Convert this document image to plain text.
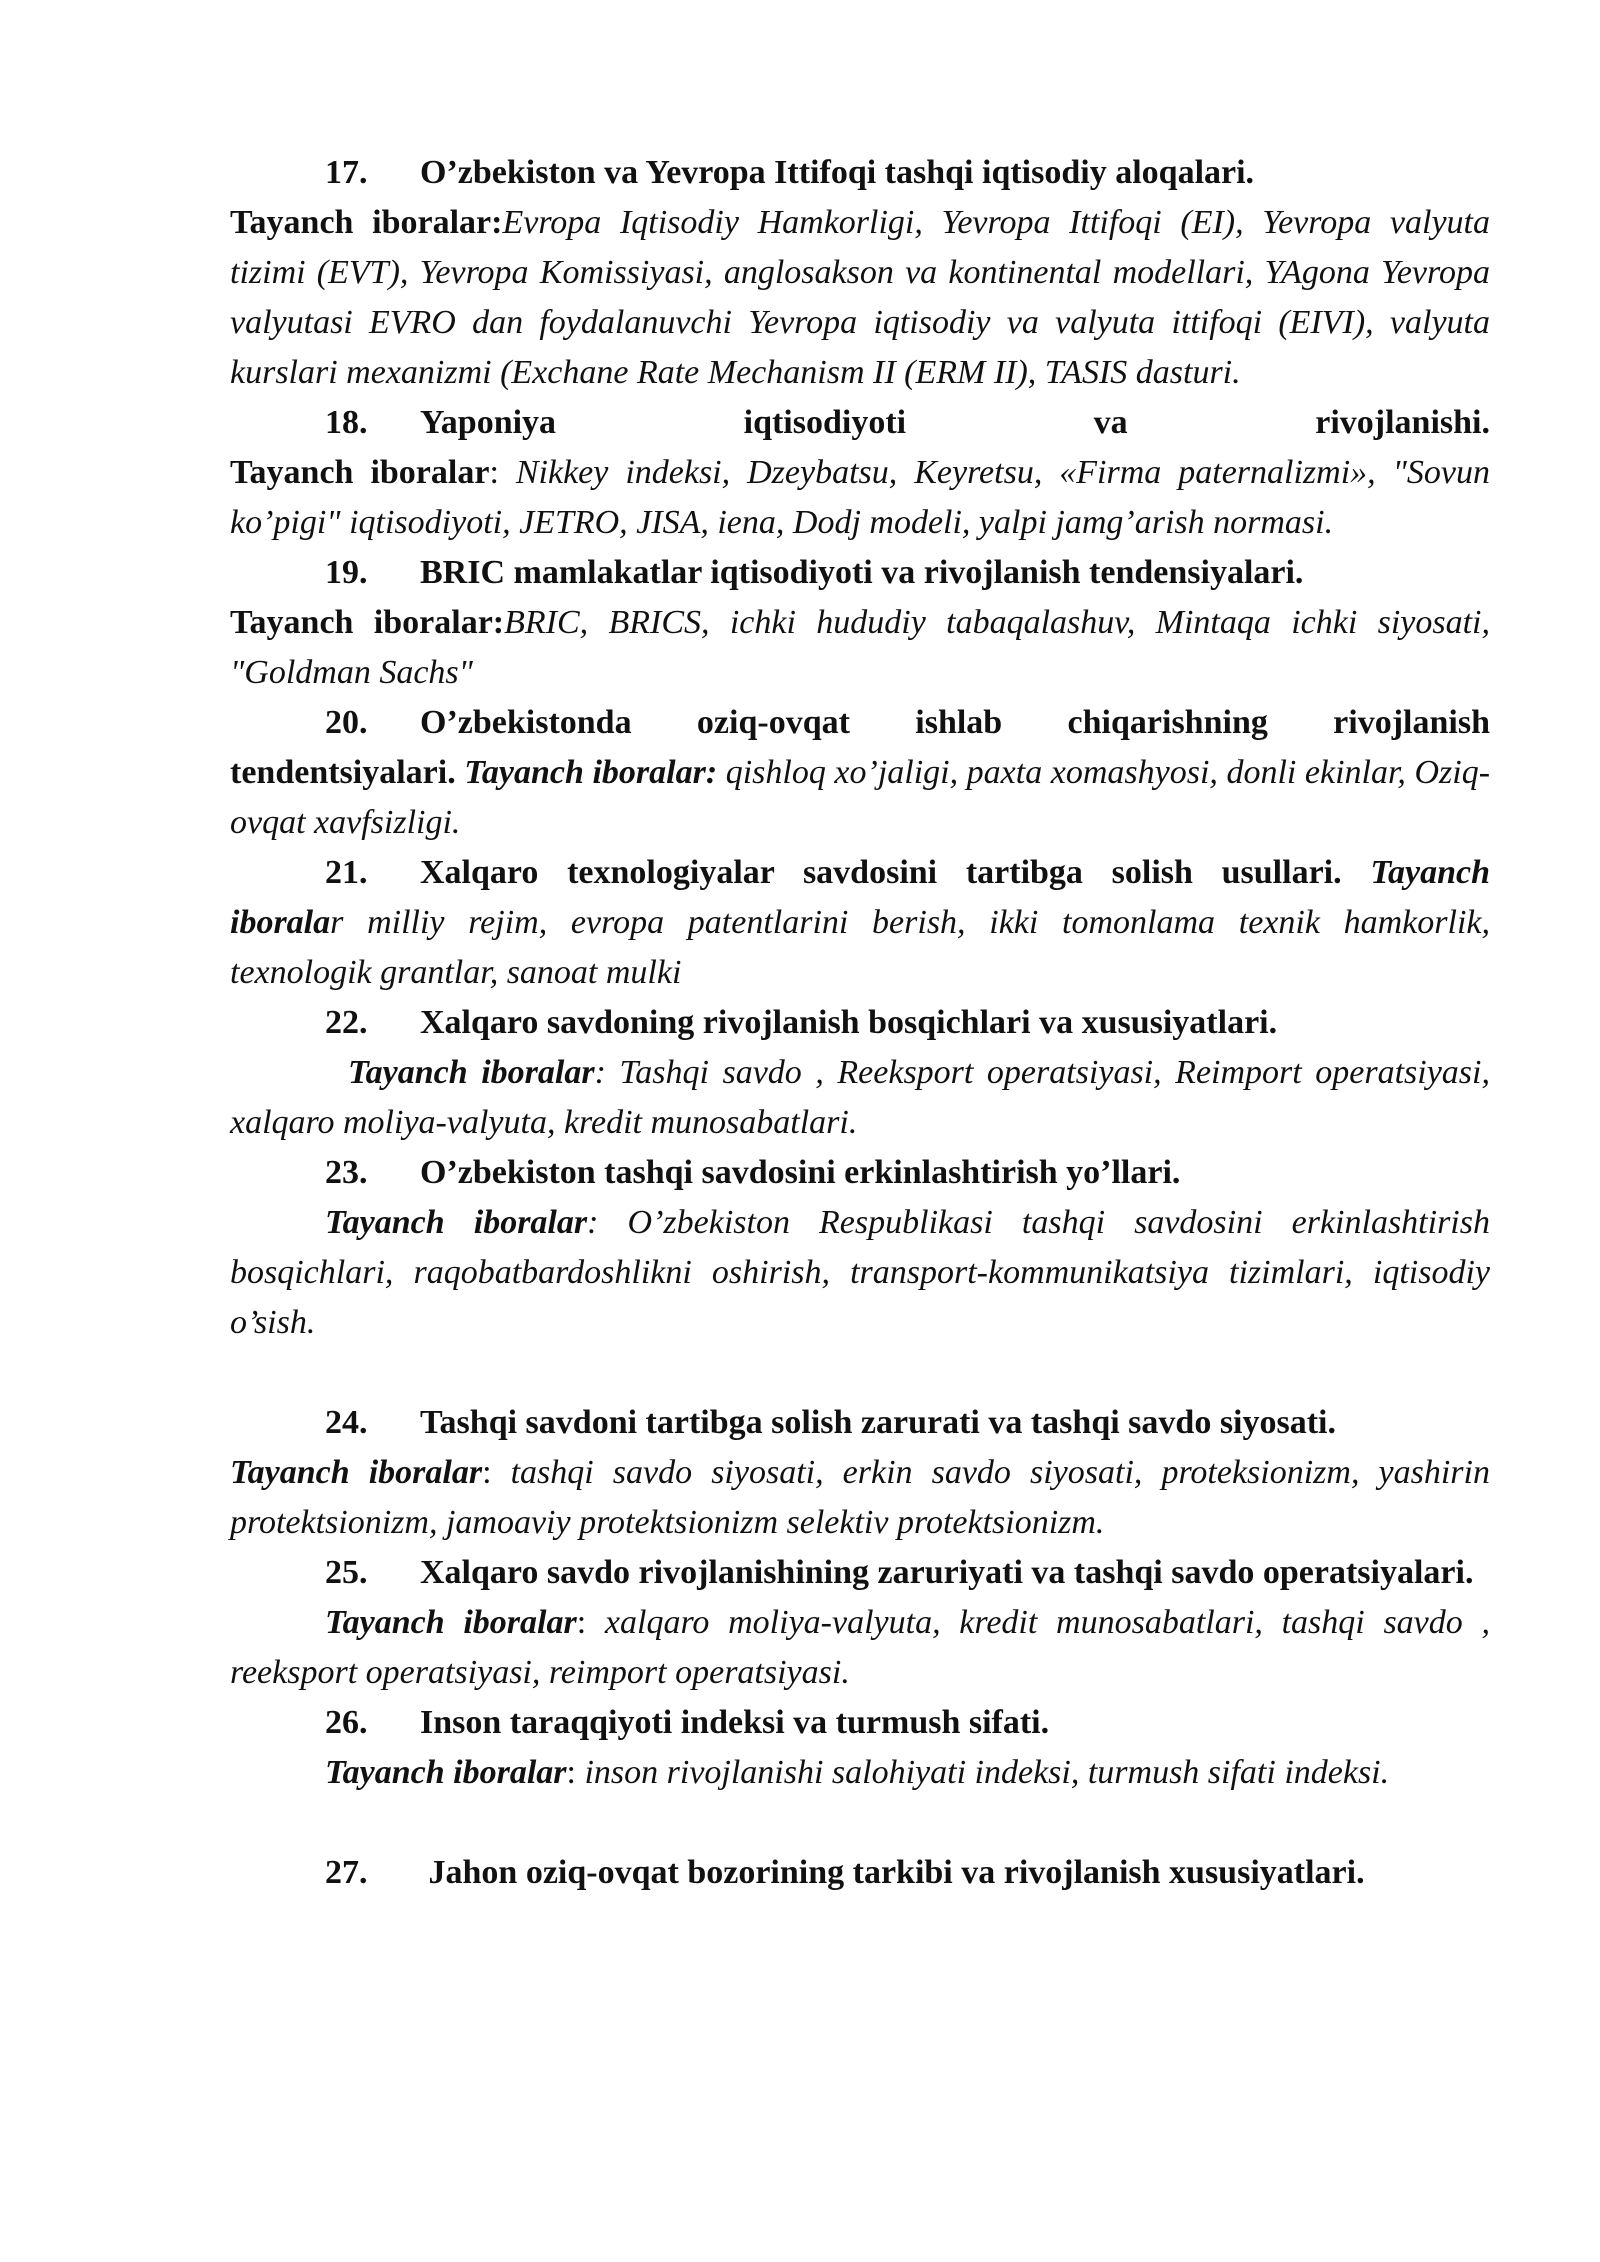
17. O’zbekiston va Yevropa Ittifoqi tashqi iqtisodiy aloqalari.
Tayanch iboralar:Evropa Iqtisodiy Hamkorligi, Yevropa Ittifoqi (EI), Yevropa valyuta tizimi (EVT), Yevropa Komissiyasi, anglosakson va kontinental modellari, YAgona Yevropa valyutasi EVRO dan foydalanuvchi Yevropa iqtisodiy va valyuta ittifoqi (EIVI), valyuta kurslari mexanizmi (Exchane Rate Mechanism II (ERM II), TASIS dasturi.

18. Yaponiya iqtisodiyoti va rivojlanishi.
Tayanch iboralar: Nikkey indeksi, Dzeybatsu, Keyretsu, «Firma paternalizmi», "Sovun ko’pigi" iqtisodiyoti, JETRO, JISA, iena, Dodj modeli, yalpi jamg’arish normasi.

19. BRIC mamlakatlar iqtisodiyoti va rivojlanish tendensiyalari.
Tayanch iboralar:BRIC, BRICS, ichki hududiy tabaqalashuv, Mintaqa ichki siyosati, "Goldman Sachs"

20. O’zbekistonda oziq-ovqat ishlab chiqarishning rivojlanish tendentsiyalari. Tayanch iboralar: qishloq xo’jaligi, paxta xomashyosi, donli ekinlar, Oziq-ovqat xavfsizligi.

21. Xalqaro texnologiyalar savdosini tartibga solish usullari. Tayanch iboralar milliy rejim, evropa patentlarini berish, ikki tomonlama texnik hamkorlik, texnologik grantlar, sanoat mulki

22. Xalqaro savdoning rivojlanish bosqichlari va xususiyatlari.
Tayanch iboralar: Tashqi savdo , Reeksport operatsiyasi, Reimport operatsiyasi, xalqaro moliya-valyuta, kredit munosabatlari.

23. O’zbekiston tashqi savdosini erkinlashtirish yo’llari.
Tayanch iboralar: O’zbekiston Respublikasi tashqi savdosini erkinlashtirish bosqichlari, raqobatbardoshlikni oshirish, transport-kommunikatsiya tizimlari, iqtisodiy o’sish.

24. Tashqi savdoni tartibga solish zarurati va tashqi savdo siyosati.
Tayanch iboralar: tashqi savdo siyosati, erkin savdo siyosati, proteksionizm, yashirin protektsionizm, jamoaviy protektsionizm selektiv protektsionizm.

25. Xalqaro savdo rivojlanishining zaruriyati va tashqi savdo operatsiyalari.
Tayanch iboralar: xalqaro moliya-valyuta, kredit munosabatlari, tashqi savdo , reeksport operatsiyasi, reimport operatsiyasi.

26. Inson taraqqiyoti indeksi va turmush sifati.
Tayanch iboralar: inson rivojlanishi salohiyati indeksi, turmush sifati indeksi.

27. Jahon oziq-ovqat bozorining tarkibi va rivojlanish xususiyatlari.
